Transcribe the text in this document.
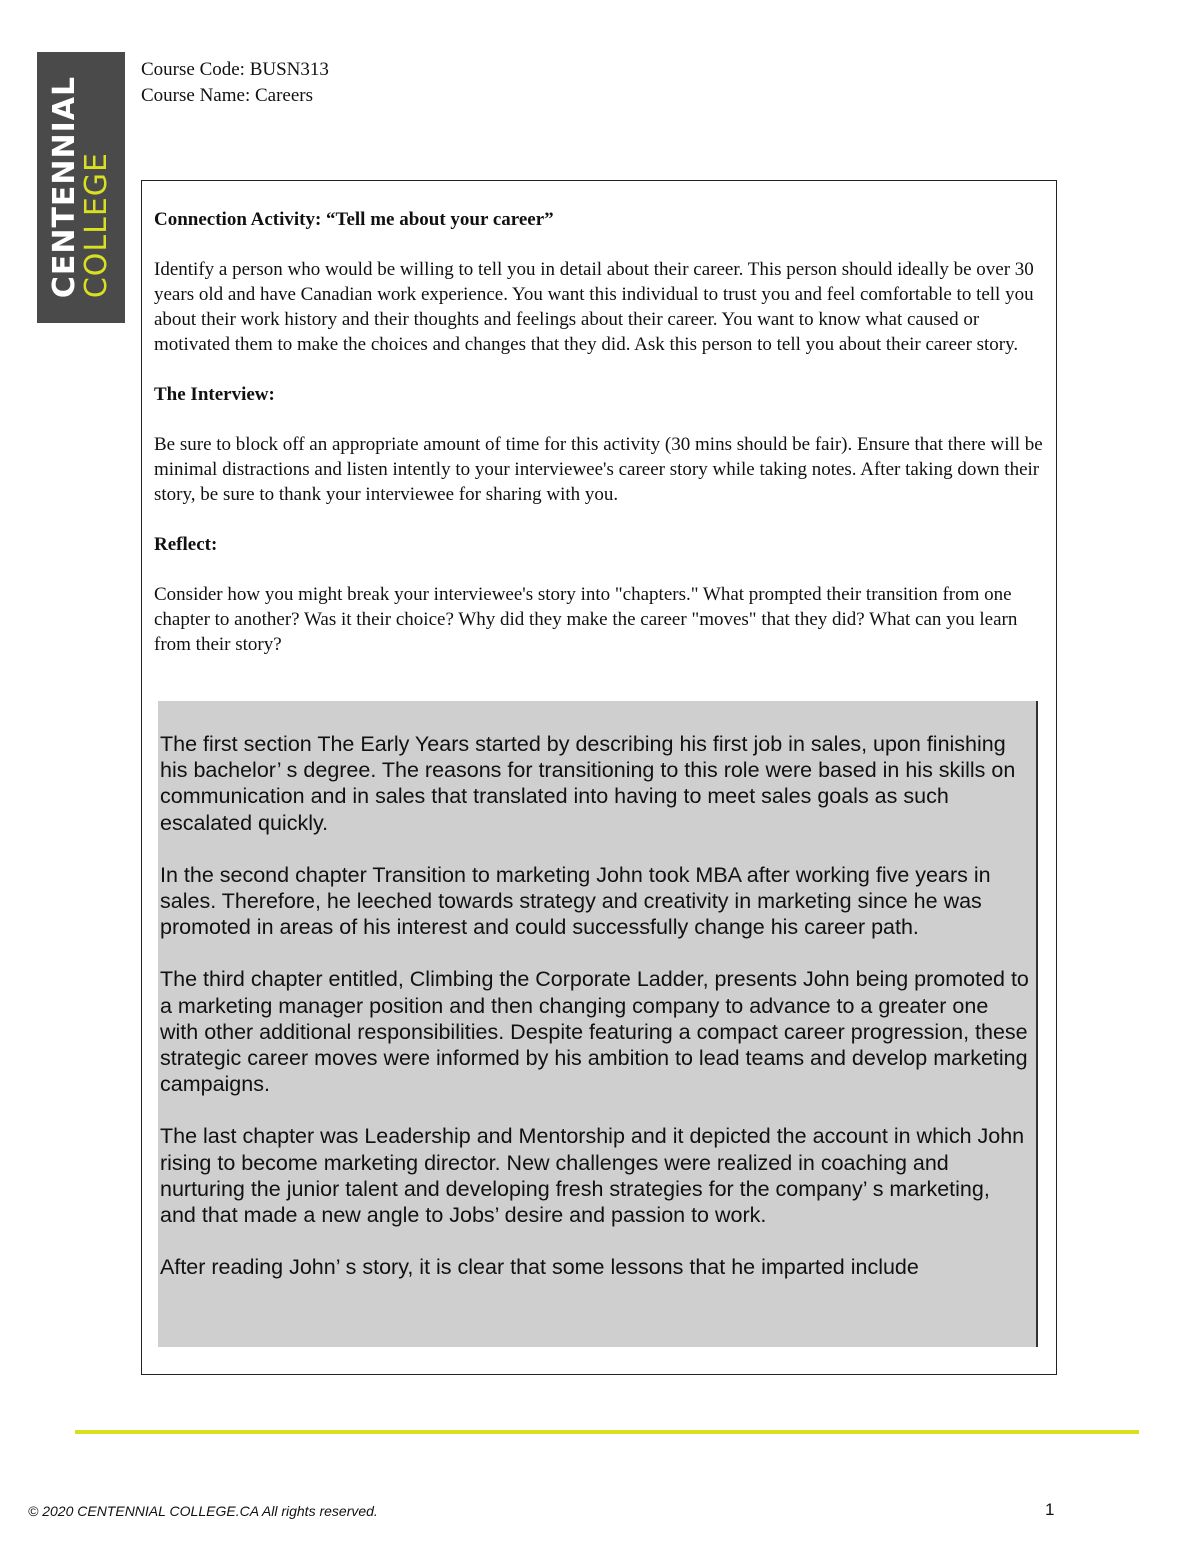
CENTENNIAL
COLLEGE
Course Code: BUSN313
Course Name: Careers

Connection Activity: “Tell me about your career”

Identify a person who would be willing to tell you in detail about their career. This person should ideally be over 30 years old and have Canadian work experience. You want this individual to trust you and feel comfortable to tell you about their work history and their thoughts and feelings about their career. You want to know what caused or motivated them to make the choices and changes that they did. Ask this person to tell you about their career story.

The Interview:

Be sure to block off an appropriate amount of time for this activity (30 mins should be fair). Ensure that there will be minimal distractions and listen intently to your interviewee's career story while taking notes. After taking down their story, be sure to thank your interviewee for sharing with you.

Reflect:

Consider how you might break your interviewee's story into "chapters." What prompted their transition from one chapter to another? Was it their choice? Why did they make the career "moves" that they did? What can you learn from their story?

The first section The Early Years started by describing his first job in sales, upon finishing his bachelor’ s degree. The reasons for transitioning to this role were based in his skills on communication and in sales that translated into having to meet sales goals as such escalated quickly.

In the second chapter Transition to marketing John took MBA after working five years in sales. Therefore, he leeched towards strategy and creativity in marketing since he was promoted in areas of his interest and could successfully change his career path.

The third chapter entitled, Climbing the Corporate Ladder, presents John being promoted to a marketing manager position and then changing company to advance to a greater one with other additional responsibilities. Despite featuring a compact career progression, these strategic career moves were informed by his ambition to lead teams and develop marketing campaigns.

The last chapter was Leadership and Mentorship and it depicted the account in which John rising to become marketing director. New challenges were realized in coaching and nurturing the junior talent and developing fresh strategies for the company’ s marketing, and that made a new angle to Jobs’ desire and passion to work.

After reading John’ s story, it is clear that some lessons that he imparted include

© 2020 CENTENNIAL COLLEGE.CA All rights reserved.	1
